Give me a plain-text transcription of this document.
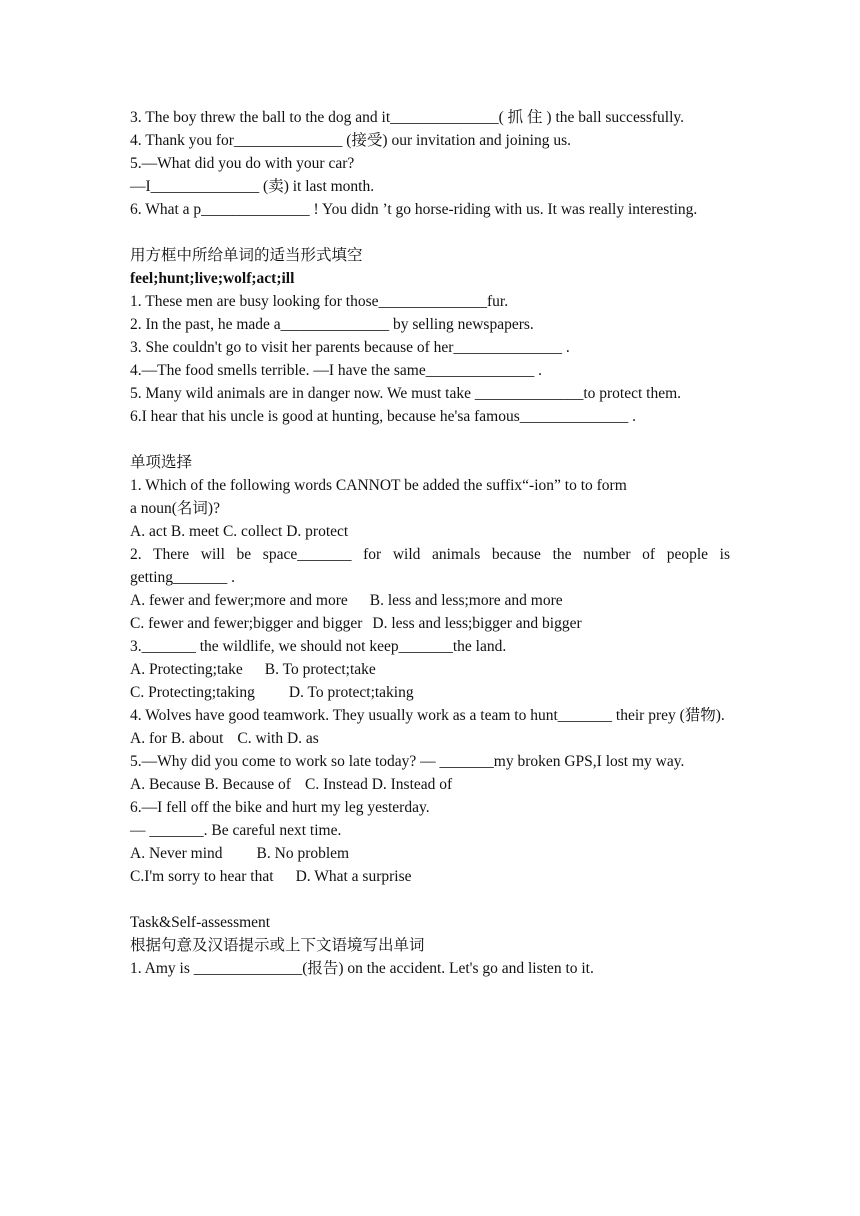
3. The boy threw the ball to the dog and it______________( 抓 住 ) the ball successfully.

4. Thank you for______________ (接受) our invitation and joining us.

5.—What did you do with your car?

—I______________ (卖) it last month.

6. What a p______________ ! You didn ’t go horse-riding with us. It was really interesting.

用方框中所给单词的适当形式填空

feel;hunt;live;wolf;act;ill

1. These men are busy looking for those______________fur.

2. In the past, he made a______________ by selling newspapers.

3. She couldn't go to visit her parents because of her______________ .

4.—The food smells terrible. —I have the same______________ .

5. Many wild animals are in danger now. We must take ______________to protect them.

6.I hear that his uncle is good at hunting, because he'sa famous______________ .

单项选择

1. Which of the following words CANNOT be added the suffix“-ion” to to form

a noun(名词)?

A. act B. meet C. collect D. protect

2. There will be space_______ for wild animals because the number of people is getting_______ .

A. fewer and fewer;more and more B. less and less;more and more

C. fewer and fewer;bigger and bigger D. less and less;bigger and bigger

3._______ the wildlife, we should not keep_______the land.

A. Protecting;take B. To protect;take

C. Protecting;taking D. To protect;taking

4. Wolves have good teamwork. They usually work as a team to hunt_______ their prey (猎物).

A. for B. about C. with D. as

5.—Why did you come to work so late today? — _______my broken GPS,I lost my way.

A. Because B. Because of C. Instead D. Instead of

6.—I fell off the bike and hurt my leg yesterday.

— _______. Be careful next time.

A. Never mind B. No problem

C.I'm sorry to hear that D. What a surprise

Task&Self-assessment

根据句意及汉语提示或上下文语境写出单词

1. Amy is ______________(报告) on the accident. Let's go and listen to it.
